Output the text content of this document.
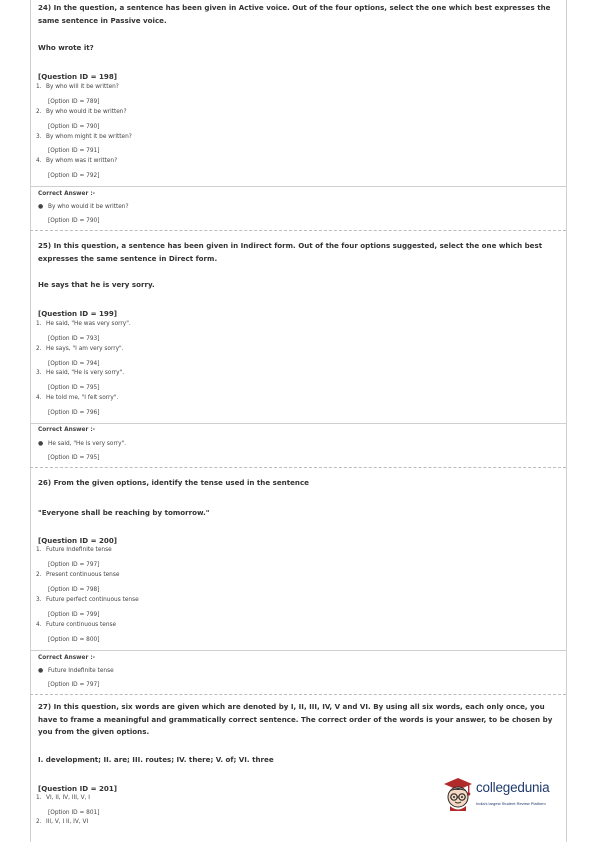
24) In the question, a sentence has been given in Active voice. Out of the four options, select the one which best expresses the same sentence in Passive voice.
Who wrote it?
[Question ID = 198]
1. By who will it be written?
[Option ID = 789]
2. By who would it be written?
[Option ID = 790]
3. By whom might it be written?
[Option ID = 791]
4. By whom was it written?
[Option ID = 792]
Correct Answer :-
● By who would it be written?
[Option ID = 790]
25) In this question, a sentence has been given in Indirect form. Out of the four options suggested, select the one which best expresses the same sentence in Direct form.
He says that he is very sorry.
[Question ID = 199]
1. He said, "He was very sorry".
[Option ID = 793]
2. He says, "I am very sorry".
[Option ID = 794]
3. He said, "He is very sorry".
[Option ID = 795]
4. He told me, "I felt sorry".
[Option ID = 796]
Correct Answer :-
● He said, "He is very sorry".
[Option ID = 795]
26) From the given options, identify the tense used in the sentence
"Everyone shall be reaching by tomorrow."
[Question ID = 200]
1. Future Indefinite tense
[Option ID = 797]
2. Present continuous tense
[Option ID = 798]
3. Future perfect continuous tense
[Option ID = 799]
4. Future continuous tense
[Option ID = 800]
Correct Answer :-
● Future Indefinite tense
[Option ID = 797]
27) In this question, six words are given which are denoted by I, II, III, IV, V and VI. By using all six words, each only once, you have to frame a meaningful and grammatically correct sentence. The correct order of the words is your answer, to be chosen by you from the given options.
I. development; II. are; III. routes; IV. there; V. of; VI. three
[Question ID = 201]
1. VI, II, IV, III, V, I
[Option ID = 801]
2. III, V, I II, IV, VI
collegedunia
India's largest Student Review Platform
